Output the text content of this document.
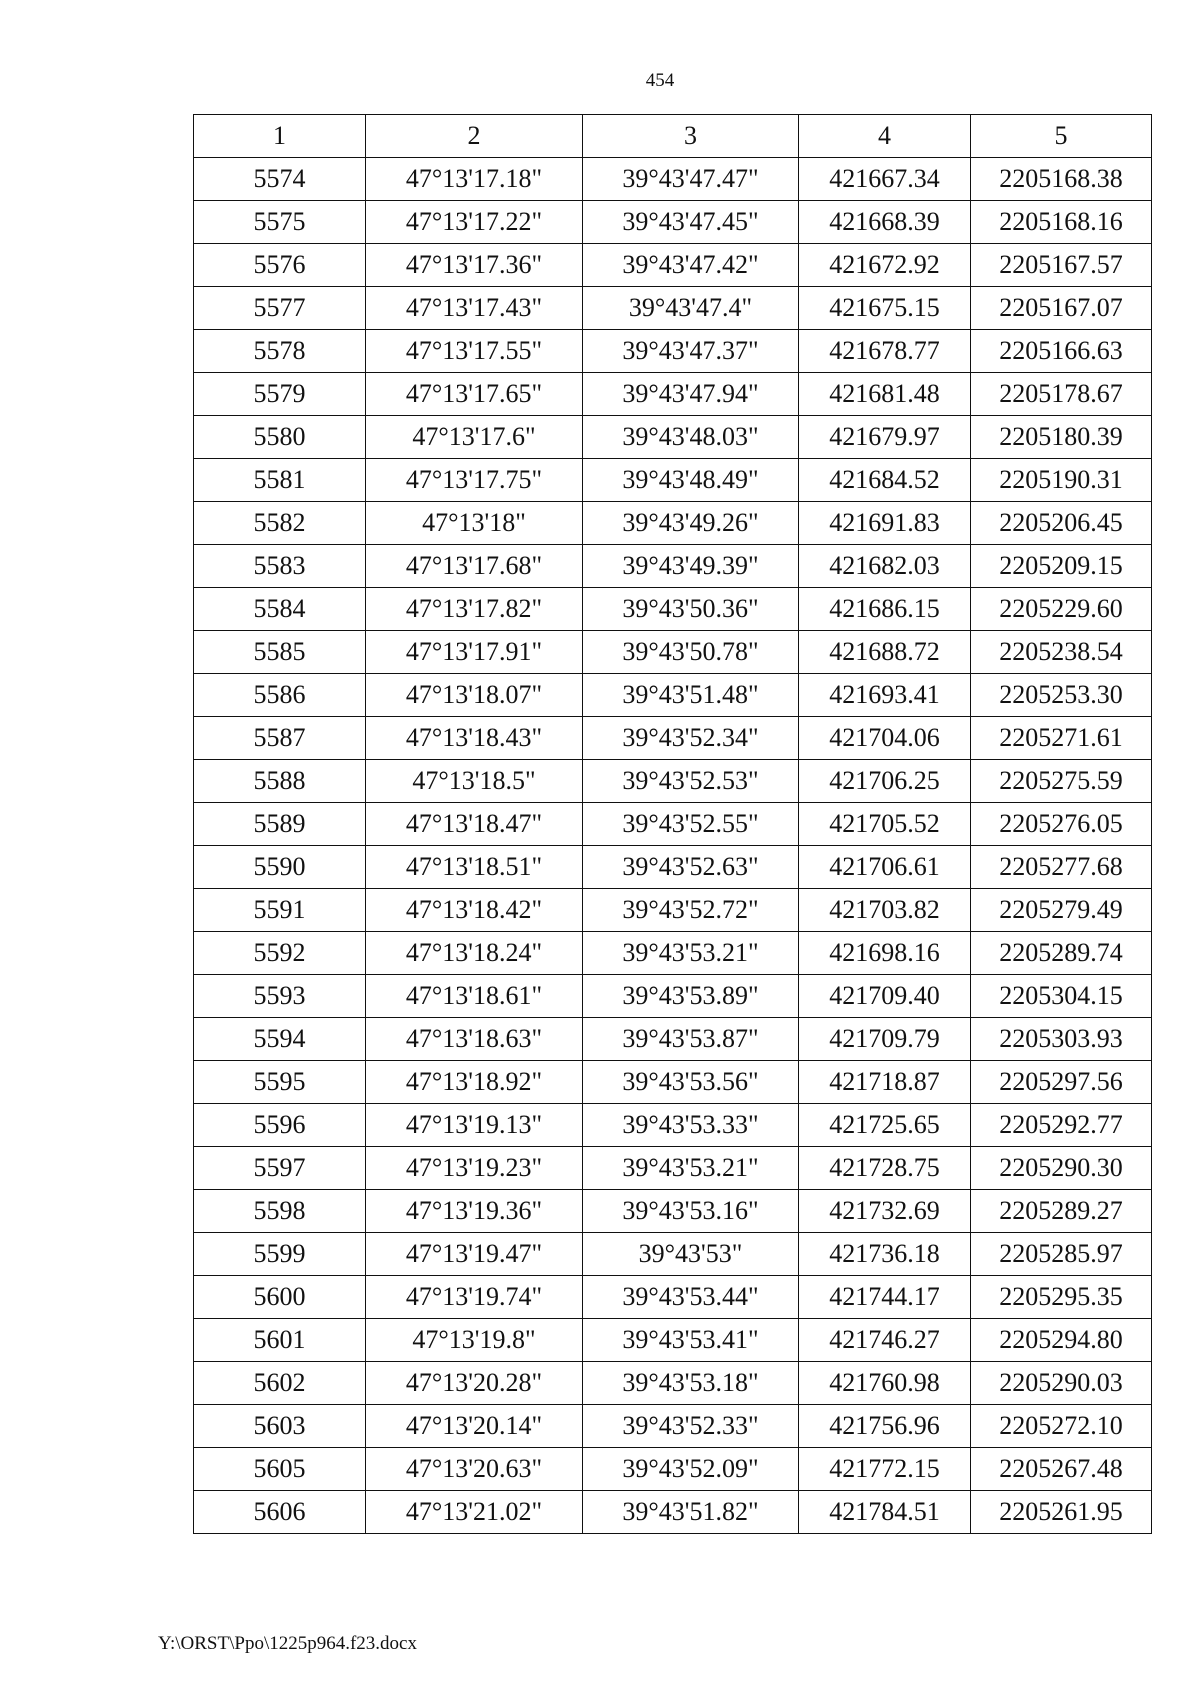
454
1	2	3	4	5
5574	47°13'17.18"	39°43'47.47"	421667.34	2205168.38
5575	47°13'17.22"	39°43'47.45"	421668.39	2205168.16
5576	47°13'17.36"	39°43'47.42"	421672.92	2205167.57
5577	47°13'17.43"	39°43'47.4"	421675.15	2205167.07
5578	47°13'17.55"	39°43'47.37"	421678.77	2205166.63
5579	47°13'17.65"	39°43'47.94"	421681.48	2205178.67
5580	47°13'17.6"	39°43'48.03"	421679.97	2205180.39
5581	47°13'17.75"	39°43'48.49"	421684.52	2205190.31
5582	47°13'18"	39°43'49.26"	421691.83	2205206.45
5583	47°13'17.68"	39°43'49.39"	421682.03	2205209.15
5584	47°13'17.82"	39°43'50.36"	421686.15	2205229.60
5585	47°13'17.91"	39°43'50.78"	421688.72	2205238.54
5586	47°13'18.07"	39°43'51.48"	421693.41	2205253.30
5587	47°13'18.43"	39°43'52.34"	421704.06	2205271.61
5588	47°13'18.5"	39°43'52.53"	421706.25	2205275.59
5589	47°13'18.47"	39°43'52.55"	421705.52	2205276.05
5590	47°13'18.51"	39°43'52.63"	421706.61	2205277.68
5591	47°13'18.42"	39°43'52.72"	421703.82	2205279.49
5592	47°13'18.24"	39°43'53.21"	421698.16	2205289.74
5593	47°13'18.61"	39°43'53.89"	421709.40	2205304.15
5594	47°13'18.63"	39°43'53.87"	421709.79	2205303.93
5595	47°13'18.92"	39°43'53.56"	421718.87	2205297.56
5596	47°13'19.13"	39°43'53.33"	421725.65	2205292.77
5597	47°13'19.23"	39°43'53.21"	421728.75	2205290.30
5598	47°13'19.36"	39°43'53.16"	421732.69	2205289.27
5599	47°13'19.47"	39°43'53"	421736.18	2205285.97
5600	47°13'19.74"	39°43'53.44"	421744.17	2205295.35
5601	47°13'19.8"	39°43'53.41"	421746.27	2205294.80
5602	47°13'20.28"	39°43'53.18"	421760.98	2205290.03
5603	47°13'20.14"	39°43'52.33"	421756.96	2205272.10
5605	47°13'20.63"	39°43'52.09"	421772.15	2205267.48
5606	47°13'21.02"	39°43'51.82"	421784.51	2205261.95
Y:\ORST\Ppo\1225p964.f23.docx
